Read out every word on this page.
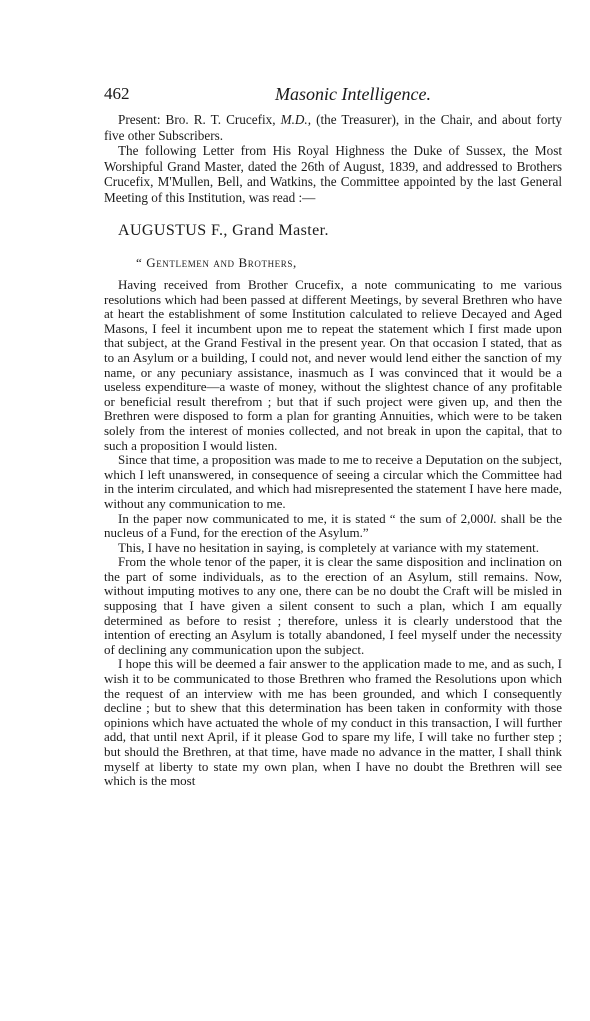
462	Masonic Intelligence.

Present: Bro. R. T. Crucefix, M.D., (the Treasurer), in the Chair, and about forty five other Subscribers.

The following Letter from His Royal Highness the Duke of Sussex, the Most Worshipful Grand Master, dated the 26th of August, 1839, and addressed to Brothers Crucefix, M'Mullen, Bell, and Watkins, the Committee appointed by the last General Meeting of this Institution, was read :—

AUGUSTUS F., Grand Master.

“ Gentlemen and Brothers,

Having received from Brother Crucefix, a note communicating to me various resolutions which had been passed at different Meetings, by several Brethren who have at heart the establishment of some Institution calculated to relieve Decayed and Aged Masons, I feel it incumbent upon me to repeat the statement which I first made upon that subject, at the Grand Festival in the present year. On that occasion I stated, that as to an Asylum or a building, I could not, and never would lend either the sanction of my name, or any pecuniary assistance, inasmuch as I was convinced that it would be a useless expenditure—a waste of money, without the slightest chance of any profitable or beneficial result therefrom ; but that if such project were given up, and then the Brethren were disposed to form a plan for granting Annuities, which were to be taken solely from the interest of monies collected, and not break in upon the capital, that to such a proposition I would listen.

Since that time, a proposition was made to me to receive a Deputation on the subject, which I left unanswered, in consequence of seeing a circular which the Committee had in the interim circulated, and which had misrepresented the statement I have here made, without any communication to me.

In the paper now communicated to me, it is stated “ the sum of 2,000l. shall be the nucleus of a Fund, for the erection of the Asylum.”

This, I have no hesitation in saying, is completely at variance with my statement.

From the whole tenor of the paper, it is clear the same disposition and inclination on the part of some individuals, as to the erection of an Asylum, still remains. Now, without imputing motives to any one, there can be no doubt the Craft will be misled in supposing that I have given a silent consent to such a plan, which I am equally determined as before to resist ; therefore, unless it is clearly understood that the intention of erecting an Asylum is totally abandoned, I feel myself under the necessity of declining any communication upon the subject.

I hope this will be deemed a fair answer to the application made to me, and as such, I wish it to be communicated to those Brethren who framed the Resolutions upon which the request of an interview with me has been grounded, and which I consequently decline ; but to shew that this determination has been taken in conformity with those opinions which have actuated the whole of my conduct in this transaction, I will further add, that until next April, if it please God to spare my life, I will take no further step ; but should the Brethren, at that time, have made no advance in the matter, I shall think myself at liberty to state my own plan, when I have no doubt the Brethren will see which is the most
